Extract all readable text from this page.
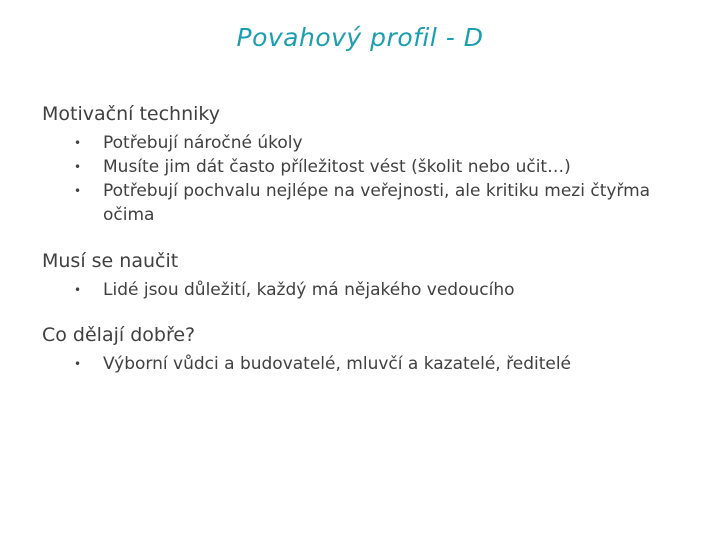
Povahový profil - D

Motivační techniky

• Potřebují náročné úkoly
• Musíte jim dát často příležitost vést (školit nebo učit…)
• Potřebují pochvalu nejlépe na veřejnosti, ale kritiku mezi čtyřma očima

Musí se naučit

• Lidé jsou důležití, každý má nějakého vedoucího

Co dělají dobře?

• Výborní vůdci a budovatelé, mluvčí a kazatelé, ředitelé
